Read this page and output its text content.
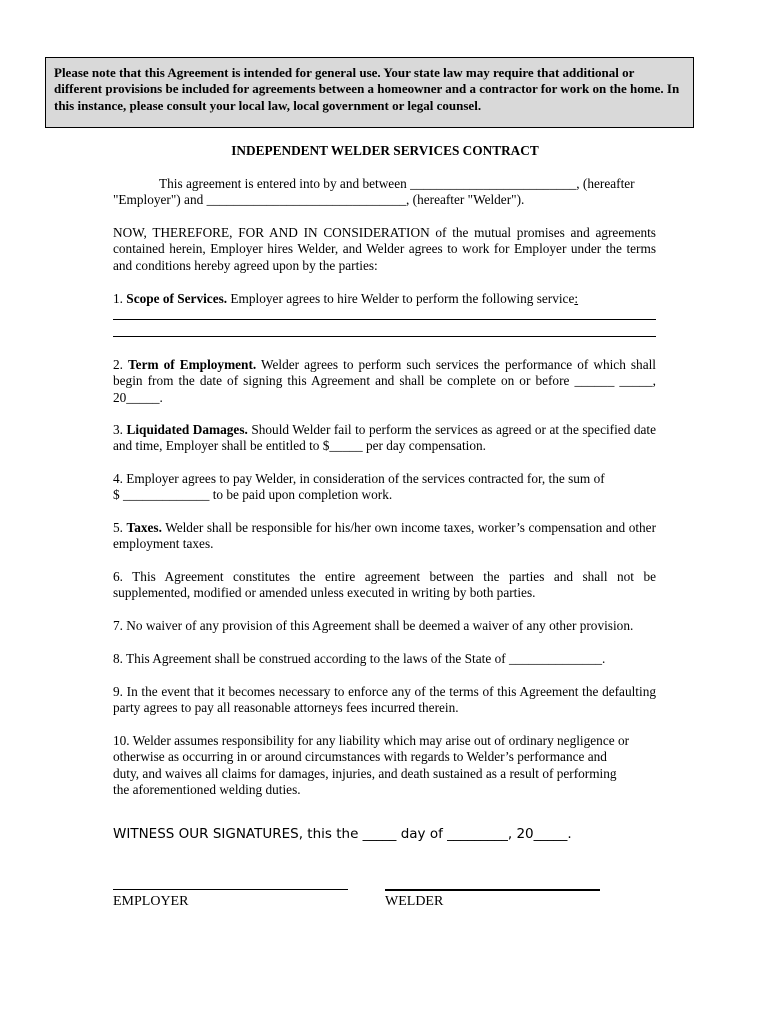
Please note that this Agreement is intended for general use. Your state law may require that additional or different provisions be included for agreements between a homeowner and a contractor for work on the home. In this instance, please consult your local law, local government or legal counsel.
INDEPENDENT WELDER SERVICES CONTRACT
This agreement is entered into by and between _________________________, (hereafter
"Employer") and ______________________________, (hereafter "Welder").

NOW, THEREFORE, FOR AND IN CONSIDERATION of the mutual promises and agreements contained herein, Employer hires Welder, and Welder agrees to work for Employer under the terms and conditions hereby agreed upon by the parties:

1. Scope of Services. Employer agrees to hire Welder to perform the following service:

2. Term of Employment. Welder agrees to perform such services the performance of which shall begin from the date of signing this Agreement and shall be complete on or before ______ _____, 20_____.

3. Liquidated Damages. Should Welder fail to perform the services as agreed or at the specified date and time, Employer shall be entitled to $_____ per day compensation.

4. Employer agrees to pay Welder, in consideration of the services contracted for, the sum of
$ _____________ to be paid upon completion work.

5. Taxes. Welder shall be responsible for his/her own income taxes, worker’s compensation and other employment taxes.

6. This Agreement constitutes the entire agreement between the parties and shall not be supplemented, modified or amended unless executed in writing by both parties.

7. No waiver of any provision of this Agreement shall be deemed a waiver of any other provision.

8. This Agreement shall be construed according to the laws of the State of ______________.

9. In the event that it becomes necessary to enforce any of the terms of this Agreement the defaulting party agrees to pay all reasonable attorneys fees incurred therein.

10. Welder assumes responsibility for any liability which may arise out of ordinary negligence or
otherwise as occurring in or around circumstances with regards to Welder’s performance and
duty, and waives all claims for damages, injuries, and death sustained as a result of performing
the aforementioned welding duties.
WITNESS OUR SIGNATURES, this the _____ day of _________, 20_____.
EMPLOYER	WELDER
